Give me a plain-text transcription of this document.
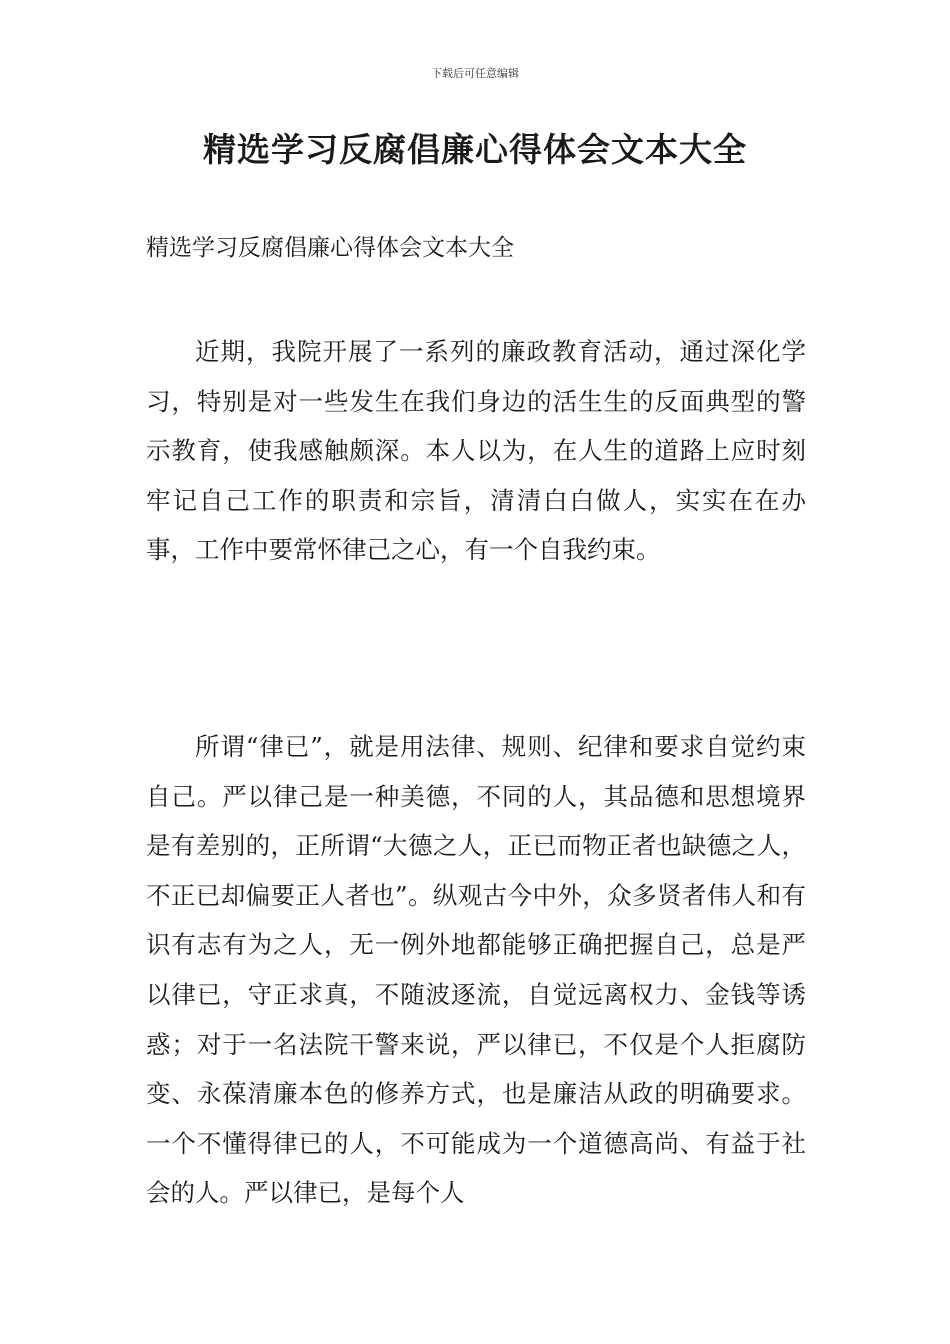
下载后可任意编辑
精选学习反腐倡廉心得体会文本大全

精选学习反腐倡廉心得体会文本大全

近期，我院开展了一系列的廉政教育活动，通过深化学习，特别是对一些发生在我们身边的活生生的反面典型的警示教育，使我感触颇深。本人以为，在人生的道路上应时刻牢记自己工作的职责和宗旨，清清白白做人，实实在在办事，工作中要常怀律己之心，有一个自我约束。

所谓“律已”，就是用法律、规则、纪律和要求自觉约束自己。严以律己是一种美德，不同的人，其品德和思想境界是有差别的，正所谓“大德之人，正已而物正者也缺德之人，不正已却偏要正人者也”。纵观古今中外，众多贤者伟人和有识有志有为之人，无一例外地都能够正确把握自己，总是严以律已，守正求真，不随波逐流，自觉远离权力、金钱等诱惑；对于一名法院干警来说，严以律已，不仅是个人拒腐防变、永葆清廉本色的修养方式，也是廉洁从政的明确要求。一个不懂得律已的人，不可能成为一个道德高尚、有益于社会的人。严以律已，是每个人
